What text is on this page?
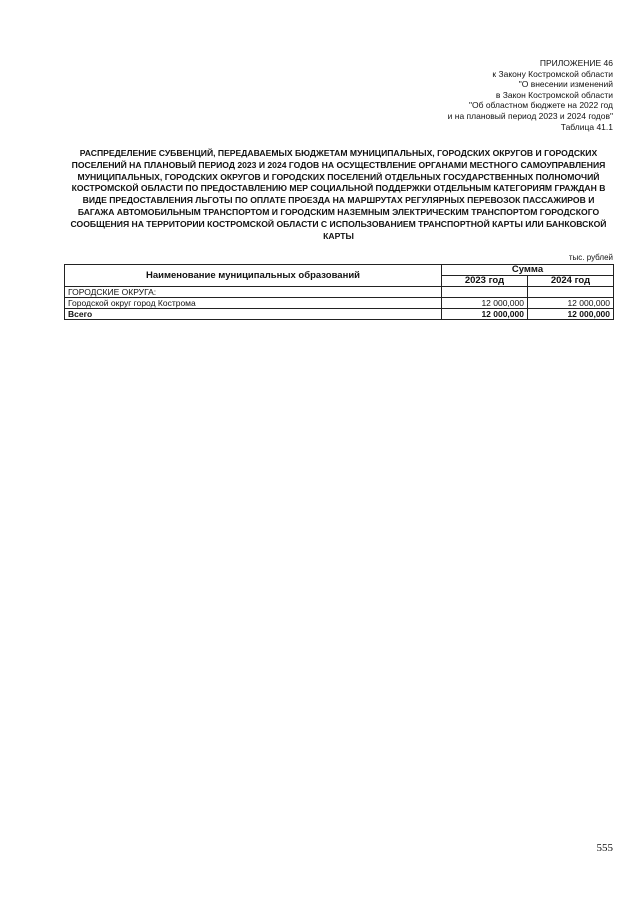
ПРИЛОЖЕНИЕ 46
к Закону Костромской области
"О внесении изменений
в Закон Костромской области
"Об областном бюджете на 2022 год
и на плановый период 2023 и 2024 годов"
Таблица 41.1
РАСПРЕДЕЛЕНИЕ СУБВЕНЦИЙ, ПЕРЕДАВАЕМЫХ БЮДЖЕТАМ МУНИЦИПАЛЬНЫХ, ГОРОДСКИХ ОКРУГОВ И ГОРОДСКИХ ПОСЕЛЕНИЙ НА ПЛАНОВЫЙ ПЕРИОД 2023 И 2024 ГОДОВ НА ОСУЩЕСТВЛЕНИЕ ОРГАНАМИ МЕСТНОГО САМОУПРАВЛЕНИЯ МУНИЦИПАЛЬНЫХ, ГОРОДСКИХ ОКРУГОВ И ГОРОДСКИХ ПОСЕЛЕНИЙ ОТДЕЛЬНЫХ ГОСУДАРСТВЕННЫХ ПОЛНОМОЧИЙ КОСТРОМСКОЙ ОБЛАСТИ ПО ПРЕДОСТАВЛЕНИЮ МЕР СОЦИАЛЬНОЙ ПОДДЕРЖКИ ОТДЕЛЬНЫМ КАТЕГОРИЯМ ГРАЖДАН В ВИДЕ ПРЕДОСТАВЛЕНИЯ ЛЬГОТЫ ПО ОПЛАТЕ ПРОЕЗДА НА МАРШРУТАХ РЕГУЛЯРНЫХ ПЕРЕВОЗОК ПАССАЖИРОВ И БАГАЖА АВТОМОБИЛЬНЫМ ТРАНСПОРТОМ И ГОРОДСКИМ НАЗЕМНЫМ ЭЛЕКТРИЧЕСКИМ ТРАНСПОРТОМ ГОРОДСКОГО СООБЩЕНИЯ НА ТЕРРИТОРИИ КОСТРОМСКОЙ ОБЛАСТИ С ИСПОЛЬЗОВАНИЕМ ТРАНСПОРТНОЙ КАРТЫ ИЛИ БАНКОВСКОЙ КАРТЫ
тыс. рублей
Наименование муниципальных образований	Сумма	
	2023 год	2024 год
ГОРОДСКИЕ ОКРУГА:		
Городской округ город Кострома	12 000,000	12 000,000
Всего	12 000,000	12 000,000
555
